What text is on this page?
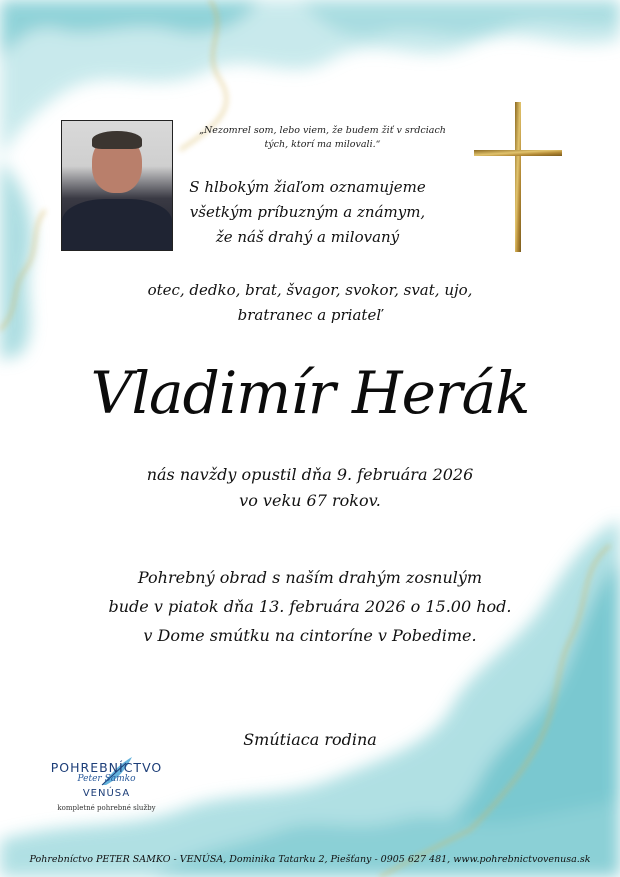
„Nezomrel som, lebo viem, že budem žiť v srdciach
tých, ktorí ma milovali.“
S hlbokým žiaľom oznamujeme
všetkým príbuzným a známym,
že náš drahý a milovaný
otec, dedko, brat, švagor, svokor, svat, ujo,
bratranec a priateľ
Vladimír Herák
nás navždy opustil dňa 9. februára 2026
vo veku 67 rokov.
Pohrebný obrad s naším drahým zosnulým
bude v piatok dňa 13. februára 2026 o 15.00 hod.
v Dome smútku na cintoríne v Pobedime.
Smútiaca rodina
POHREBNÍCTVO
Peter Samko
VENÚSA
kompletné pohrebné služby
Pohrebníctvo PETER SAMKO - VENÚSA, Dominika Tatarku 2, Piešťany - 0905 627 481, www.pohrebnictvovenusa.sk
